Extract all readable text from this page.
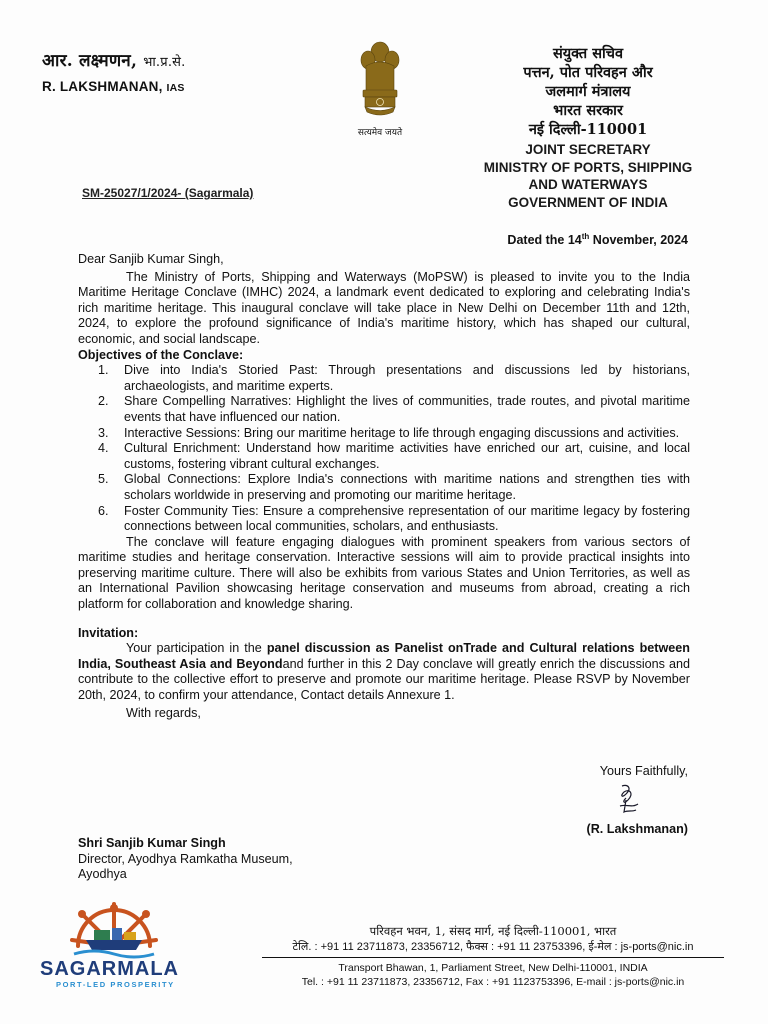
आर. लक्ष्मणन, भा.प्र.से.
R. LAKSHMANAN, IAS
सत्यमेव जयते
संयुक्त सचिव
पत्तन, पोत परिवहन और
जलमार्ग मंत्रालय
भारत सरकार
नई दिल्ली-110001
JOINT SECRETARY
MINISTRY OF PORTS, SHIPPING
AND WATERWAYS
GOVERNMENT OF INDIA
SM-25027/1/2024- (Sagarmala)
Dated the 14th November, 2024

Dear Sanjib Kumar Singh,

The Ministry of Ports, Shipping and Waterways (MoPSW) is pleased to invite you to the India Maritime Heritage Conclave (IMHC) 2024, a landmark event dedicated to exploring and celebrating India's rich maritime heritage. This inaugural conclave will take place in New Delhi on December 11th and 12th, 2024, to explore the profound significance of India's maritime history, which has shaped our cultural, economic, and social landscape.

Objectives of the Conclave:

1. Dive into India's Storied Past: Through presentations and discussions led by historians, archaeologists, and maritime experts.
2. Share Compelling Narratives: Highlight the lives of communities, trade routes, and pivotal maritime events that have influenced our nation.
3. Interactive Sessions: Bring our maritime heritage to life through engaging discussions and activities.
4. Cultural Enrichment: Understand how maritime activities have enriched our art, cuisine, and local customs, fostering vibrant cultural exchanges.
5. Global Connections: Explore India's connections with maritime nations and strengthen ties with scholars worldwide in preserving and promoting our maritime heritage.
6. Foster Community Ties: Ensure a comprehensive representation of our maritime legacy by fostering connections between local communities, scholars, and enthusiasts.

The conclave will feature engaging dialogues with prominent speakers from various sectors of maritime studies and heritage conservation. Interactive sessions will aim to provide practical insights into preserving maritime culture. There will also be exhibits from various States and Union Territories, as well as an International Pavilion showcasing heritage conservation and museums from abroad, creating a rich platform for collaboration and knowledge sharing.

Invitation:

Your participation in the panel discussion as Panelist onTrade and Cultural relations between India, Southeast Asia and Beyondand further in this 2 Day conclave will greatly enrich the discussions and contribute to the collective effort to preserve and promote our maritime heritage. Please RSVP by November 20th, 2024, to confirm your attendance, Contact details Annexure 1.

With regards,

Yours Faithfully,
(R. Lakshmanan)
Shri Sanjib Kumar Singh
Director, Ayodhya Ramkatha Museum,
Ayodhya
SAGARMALA
PORT-LED PROSPERITY
परिवहन भवन, 1, संसद मार्ग, नई दिल्ली-110001, भारत
टेलि. : +91 11 23711873, 23356712, फैक्स : +91 11 23753396, ई-मेल : js-ports@nic.in
Transport Bhawan, 1, Parliament Street, New Delhi-110001, INDIA
Tel. : +91 11 23711873, 23356712, Fax : +91 1123753396, E-mail : js-ports@nic.in
